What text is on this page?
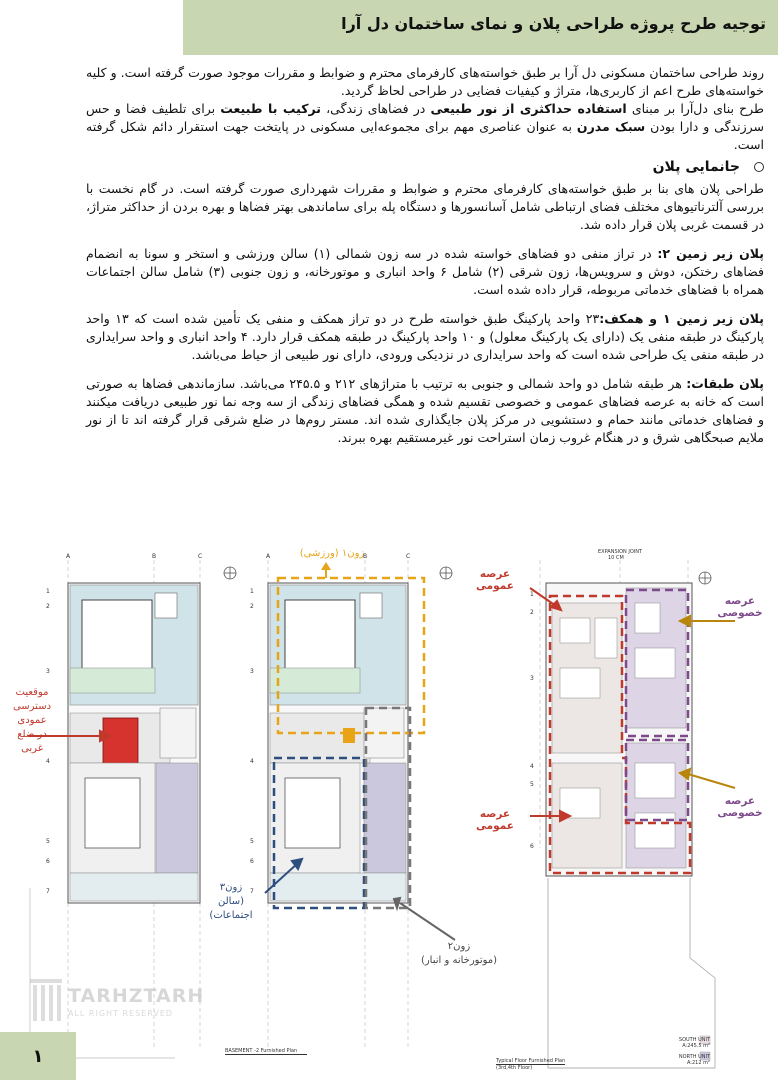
توجیه طرح پروژه طراحی پلان و نمای ساختمان دل آرا

روند طراحی ساختمان مسکونی دل آرا بر طبق خواسته‌های کارفرمای محترم و ضوابط و مقررات موجود صورت گرفته است. و کلیه خواسته‌های طرح اعم از کاربری‌ها، متراژ و کیفیات فضایی در طراحی لحاظ گردید.

طرح بنای دل‌آرا بر مبنای استفاده حداکثری از نور طبیعی در فضاهای زندگی، ترکیب با طبیعت برای تلطیف فضا و حس سرزندگی و دارا بودن سبک مدرن به عنوان عناصری مهم برای مجموعه‌ایی مسکونی در پایتخت جهت استقرار دائم شکل گرفته است.

جانمایی پلان

طراحی پلان های بنا بر طبق خواسته‌های کارفرمای محترم و ضوابط و مقررات شهرداری صورت گرفته است. در گام نخست با بررسی آلترناتیوهای مختلف فضای ارتباطی شامل آسانسورها و دستگاه پله برای ساماندهی بهتر فضاها و بهره بردن از حداکثر متراژ، در قسمت غربی پلان قرار داده شد.

پلان زیر زمین ۲: در تراز منفی دو فضاهای خواسته شده در سه زون شمالی (۱) سالن ورزشی و استخر و سونا به انضمام فضاهای رختکن، دوش و سرویس‌ها، زون شرقی (۲) شامل ۶ واحد انباری و موتورخانه، و زون جنوبی (۳) شامل سالن اجتماعات همراه با فضاهای خدماتی مربوطه، قرار داده شده است.

پلان زیر زمین ۱ و همکف:۲۳ واحد پارکینگ طبق خواسته طرح در دو تراز همکف و منفی یک تأمین شده است که ۱۳ واحد پارکینگ در طبقه منفی یک (دارای یک پارکینگ معلول) و ۱۰ واحد پارکینگ در طبقه همکف قرار دارد. ۴ واحد انباری و واحد سرایداری در طبقه منفی یک طراحی شده است که واحد سرایداری در نزدیکی ورودی، دارای نور طبیعی از حیاط می‌باشد.

پلان طبقات: هر طبقه شامل دو واحد شمالی و جنوبی به ترتیب با متراژهای ۲۱۲ و ۲۴۵.۵ می‌باشد. سازماندهی فضاها به صورتی است که خانه به عرصه فضاهای عمومی و خصوصی تقسیم شده و همگی فضاهای زندگی از سه وجه نما نور طبیعی دریافت میکنند و فضاهای خدماتی مانند حمام و دستشویی در مرکز پلان جایگذاری شده اند. مستر روم‌ها در ضلع شرقی قرار گرفته اند تا از نور ملایم صبحگاهی شرق و در هنگام غروب زمان استراحت نور غیرمستقیم بهره ببرند.

A	B	C	A	B	C
1
2
3
4
5
6
7
1
2
3
4
5
6
7
1
2
3
4
5
6
موقعیت
دسترسی عمودی
در ضلع غربی
زون۱ (ورزشی)
زون۳
(سالن اجتماعات)
زون۲
(موتورخانه و انبار)
عرصه عمومی
عرصه خصوصی
عرصه خصوصی
عرصه عمومی
EXPANSION JOINT
10 CM
TARHZTARH
ALL RIGHT RESERVED
BASEMENT -2 Furnished Plan
Typical Floor Furnished Plan
(3rd,4th Floor)
SOUTH UNIT
A:245.5 m²
NORTH UNIT
A:212 m²
۱
